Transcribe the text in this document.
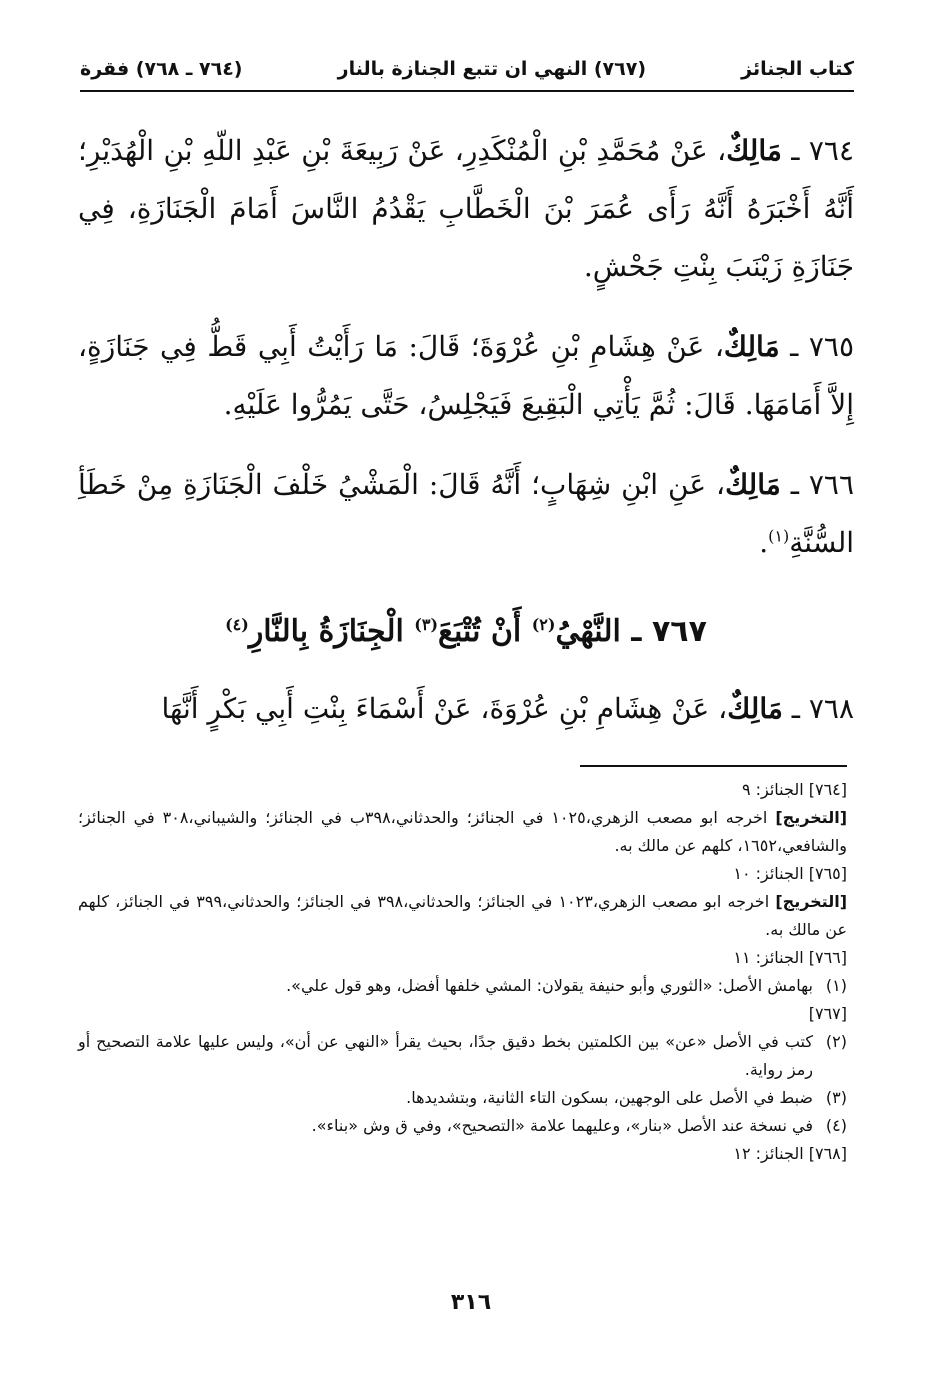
كتاب الجنائز
(٧٦٧) النهي ان تتبع الجنازة بالنار
(٧٦٤ ـ ٧٦٨) فقرة

٧٦٤ ـ مَالِكٌ، عَنْ مُحَمَّدِ بْنِ الْمُنْكَدِرِ، عَنْ رَبِيعَةَ بْنِ عَبْدِ اللّهِ بْنِ الْهُدَيْرِ؛ أَنَّهُ أَخْبَرَهُ أَنَّهُ رَأَى عُمَرَ بْنَ الْخَطَّابِ يَقْدُمُ النَّاسَ أَمَامَ الْجَنَازَةِ، فِي جَنَازَةِ زَيْنَبَ بِنْتِ جَحْشٍ.

٧٦٥ ـ مَالِكٌ، عَنْ هِشَامِ بْنِ عُرْوَةَ؛ قَالَ: مَا رَأَيْتُ أَبِي قَطُّ فِي جَنَازَةٍ، إِلاَّ أَمَامَهَا. قَالَ: ثُمَّ يَأْتِي الْبَقِيعَ فَيَجْلِسُ، حَتَّى يَمُرُّوا عَلَيْهِ.

٧٦٦ ـ مَالِكٌ، عَنِ ابْنِ شِهَابٍ؛ أَنَّهُ قَالَ: الْمَشْيُ خَلْفَ الْجَنَازَةِ مِنْ خَطَأِ السُّنَّةِ$^{(١)}$.

٧٦٧ ـ النَّهْيُ$^{(٢)}$ أَنْ تُتْبَعَ$^{(٣)}$ الْجِنَازَةُ بِالنَّارِ$^{(٤)}$

٧٦٨ ـ مَالِكٌ، عَنْ هِشَامِ بْنِ عُرْوَةَ، عَنْ أَسْمَاءَ بِنْتِ أَبِي بَكْرٍ أَنَّهَا

[٧٦٤] الجنائز: ٩
[التخريج] اخرجه ابو مصعب الزهري،١٠٢٥ في الجنائز؛ والحدثاني،٣٩٨ب في الجنائز؛ والشيباني،٣٠٨ في الجنائز؛ والشافعي،١٦٥٢، كلهم عن مالك به.
[٧٦٥] الجنائز: ١٠
[التخريج] اخرجه ابو مصعب الزهري،١٠٢٣ في الجنائز؛ والحدثاني،٣٩٨ في الجنائز؛ والحدثاني،٣٩٩ في الجنائز، كلهم عن مالك به.
[٧٦٦] الجنائز: ١١
(١)
بهامش الأصل: «الثوري وأبو حنيفة يقولان: المشي خلفها أفضل، وهو قول علي».
[٧٦٧]
(٢)
كتب في الأصل «عن» بين الكلمتين بخط دقيق جدًا، بحيث يقرأ «النهي عن أن»، وليس عليها علامة التصحيح أو رمز رواية.
(٣)
ضبط في الأصل على الوجهين، بسكون التاء الثانية، وبتشديدها.
(٤)
في نسخة عند الأصل «بنار»، وعليهما علامة «التصحيح»، وفي ق وش «بناء».
[٧٦٨] الجنائز: ١٢
٣١٦
